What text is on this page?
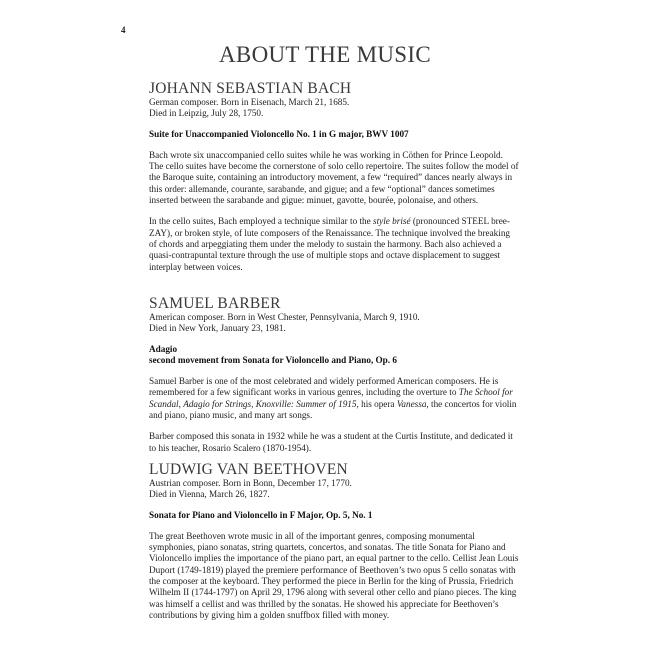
4
ABOUT THE MUSIC
JOHANN SEBASTIAN BACH

German composer. Born in Eisenach, March 21, 1685.

Died in Leipzig, July 28, 1750.

Suite for Unaccompanied Violoncello No. 1 in G major, BWV 1007

Bach wrote six unaccompanied cello suites while he was working in Cöthen for Prince Leopold. The cello suites have become the cornerstone of solo cello repertoire. The suites follow the model of the Baroque suite, containing an introductory movement, a few “required” dances nearly always in this order: allemande, courante, sarabande, and gigue; and a few “optional” dances sometimes inserted between the sarabande and gigue: minuet, gavotte, bourée, polonaise, and others.

In the cello suites, Bach employed a technique similar to the style brisé (pronounced STEEL bree-ZAY), or broken style, of lute composers of the Renaissance. The technique involved the breaking of chords and arpeggiating them under the melody to sustain the harmony. Bach also achieved a quasi-contrapuntal texture through the use of multiple stops and octave displacement to suggest interplay between voices.

SAMUEL BARBER

American composer. Born in West Chester, Pennsylvania, March 9, 1910.

Died in New York, January 23, 1981.

Adagio

second movement from Sonata for Violoncello and Piano, Op. 6

Samuel Barber is one of the most celebrated and widely performed American composers. He is remembered for a few significant works in various genres, including the overture to The School for Scandal, Adagio for Strings, Knoxville: Summer of 1915, his opera Vanessa, the concertos for violin and piano, piano music, and many art songs.

Barber composed this sonata in 1932 while he was a student at the Curtis Institute, and dedicated it to his teacher, Rosario Scalero (1870-1954).

LUDWIG VAN BEETHOVEN

Austrian composer. Born in Bonn, December 17, 1770.

Died in Vienna, March 26, 1827.

Sonata for Piano and Violoncello in F Major, Op. 5, No. 1

The great Beethoven wrote music in all of the important genres, composing monumental symphonies, piano sonatas, string quartets, concertos, and sonatas. The title Sonata for Piano and Violoncello implies the importance of the piano part, an equal partner to the cello. Cellist Jean Louis Duport (1749-1819) played the premiere performance of Beethoven’s two opus 5 cello sonatas with the composer at the keyboard. They performed the piece in Berlin for the king of Prussia, Friedrich Wilhelm II (1744-1797) on April 29, 1796 along with several other cello and piano pieces. The king was himself a cellist and was thrilled by the sonatas. He showed his appreciate for Beethoven’s contributions by giving him a golden snuffbox filled with money.
